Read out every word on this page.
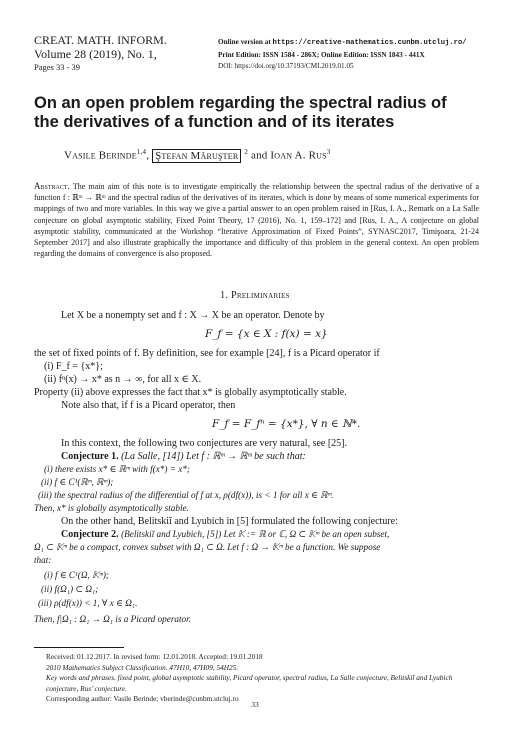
CREAT. MATH. INFORM.
Volume 28 (2019), No. 1,
Pages 33 - 39
Online version at https://creative-mathematics.cunbm.utcluj.ro/
Print Edition: ISSN 1584 - 286X; Online Edition: ISSN 1843 - 441X
DOI: https://doi.org/10.37193/CMI.2019.01.05
On an open problem regarding the spectral radius of the derivatives of a function and of its iterates
Vasile Berinde$^{1,4}$, Ştefan Măruşter $^2$ and Ioan A. Rus$^3$
Abstract. The main aim of this note is to investigate empirically the relationship between the spectral radius of the derivative of a function f : ℝᵐ → ℝᵐ and the spectral radius of the derivatives of its iterates, which is done by means of some numerical experiments for mappings of two and more variables. In this way we give a partial answer to an open problem raised in [Rus, I. A., Remark on a La Salle conjecture on global asymptotic stability, Fixed Point Theory, 17 (2016), No. 1, 159–172] and [Rus, I. A., A conjecture on global asymptotic stability, communicated at the Workshop “Iterative Approximation of Fixed Points”, SYNASC2017, Timişoara, 21-24 September 2017] and also illustrate graphically the importance and difficulty of this problem in the general context. An open problem regarding the domains of convergence is also proposed.
1. Preliminaries
Let X be a nonempty set and f : X → X be an operator. Denote by
F_f = {x ∈ X : f(x) = x}
the set of fixed points of f. By definition, see for example [24], f is a Picard operator if
(i) F_f = {x*};
(ii) fⁿ(x) → x* as n → ∞, for all x ∈ X.
Property (ii) above expresses the fact that x* is globally asymptotically stable.
Note also that, if f is a Picard operator, then
F_f = F_fⁿ = {x*}, ∀ n ∈ ℕ*.
In this context, the following two conjectures are very natural, see [25].
Conjecture 1. (La Salle, [14]) Let f : ℝᵐ → ℝᵐ be such that:
(i) there exists x* ∈ ℝᵐ with f(x*) = x*;
(ii) f ∈ C¹(ℝᵐ, ℝᵐ);
(iii) the spectral radius of the differential of f at x, ρ(df(x)), is < 1 for all x ∈ ℝᵐ.
Then, x* is globally asymptotically stable.
On the other hand, Belitskiĭ and Lyubich in [5] formulated the following conjecture:
Conjecture 2. (Belitskiĭ and Lyubich, [5]) Let 𝕂 := ℝ or ℂ, Ω ⊂ 𝕂ᵐ be an open subset,
Ω₁ ⊂ 𝕂ᵐ be a compact, convex subset with Ω₁ ⊂ Ω. Let f : Ω → 𝕂ᵐ be a function. We suppose
that:
(i) f ∈ C¹(Ω, 𝕂ᵐ);
(ii) f(Ω₁) ⊂ Ω₁;
(iii) ρ(df(x)) < 1, ∀ x ∈ Ω₁.
Then, f|Ω₁ : Ω₁ → Ω₁ is a Picard operator.
Received: 01.12.2017. In revised form: 12.01.2018. Accepted: 19.01.2018
2010 Mathematics Subject Classification. 47H10, 47H09, 54H25.
Key words and phrases. fixed point, global asymptotic stability, Picard operator, spectral radius, La Salle conjecture, Belitskiĭ and Lyubich conjecture, Rus’ conjecture.
Corresponding author: Vasile Berinde; vberinde@cunbm.utcluj.ro
33
